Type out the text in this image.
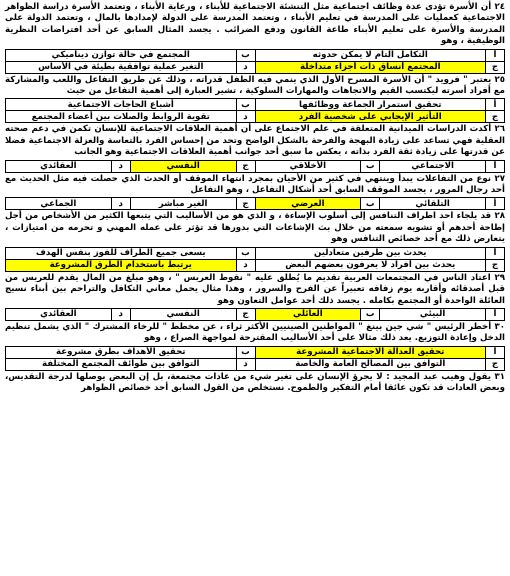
٢٤ أن الأسرة تؤدى عدة وظائف اجتماعية مثل التنشئة الاجتماعية للأبناء ، ورعاية الأبناء ، وتعتمد الأسرة دراسة الظواهر الاجتماعية كعمليات على المدرسة في تعليم الأبناء ، وتعتمد المدرسة على الدولة لإمدادها بالمال ، وتعتمد الدولة على المدرسة والأسرة على تعليم الأبناء طاعة القانون ودفع الضرائب . يجسد المثال السابق عن أحد افتراضات النظرية الوظيفية ، وهو

أ	التكامل التام لا يمكن حدوثه	ب	المجتمع في حالة توازن ديناميكي
ج	المجتمع أنساق ذات أجزاء متداخلة	د	التغير عملية توافقية بطيئة في الأساس

٢٥ يعتبر " فرويد " أن الأسرة المسرح الأول الذي ينمي فيه الطفل قدراته ، وذلك عن طريق التفاعل واللعب والمشاركة مع أفراد أسرته ليكتسب القيم والاتجاهات والمهارات السلوكية ، تشير العبارة إلى أهمية التفاعل من حيث

أ	تحقيق استمرار الجماعة ووظائفها	ب	أشباع الحاجات الاجتماعية
ج	التأثير الإيجابي على شخصية الفرد	د	تقوية الروابط والصلات بين أعضاء المجتمع

٢٦ أكدت الدراسات الميدانية المتعلقة في علم الاجتماع على أن أهمية العلاقات الاجتماعية للإنسان تكمن في دعم صحته العقلية فهي تساعد على زيادة البهجة والفرحة بالشكل الواضح وتحد من إحساس الفرد بالتعاسة والعزلة الاجتماعية فضلا عن قدرتها على زيادة ثقة الفرد بذاته ، يعكس ما سبق أحد جوانب أهمية العلاقات الاجتماعية وهو الجانب

أ	الاجتماعي	ب	الأخلاقي	ج	النفسي	د	العقائدي

٢٧ نوع من التفاعلات يبدأ وينتهي في كثير من الأحيان بمجرد انتهاء الموقف أو الحدث الذي حصلت فيه مثل الحديث مع أحد رجال المرور ، يجسد الموقف السابق أحد أشكال التفاعل ، وهو التفاعل

أ	التلقائي	ب	العرضي	ج	الغير مباشر	د	الجماعي

٢٨ قد يلجاء احد اطراف التنافس إلى أسلوب الإساءة ، و الذي هو من الأساليب التي يتبعها الكثير من الأشخاص من أجل إطاحة أحدهم أو تشويه سمعته من خلال بث الإشاعات التي بدورها قد تؤثر على عمله المهني و تحرمه من امتيازات ، يتعارض ذلك مع أحد خصائص التنافس وهو

أ	يحدث بين طرفين متعادلين	ب	يسعى جميع الطراف للفوز بنفس الهدف
ج	يحدث بين أفراد لا يعرفون بعضهم البعض	د	يرتبط باستخدام الطرق المشروعة

٢٩ اعتاد الناس في المجتمعات العربية تقديم ما يُطلق عليه " نقوط العريس " ، وهو مبلغ من المال يقدم للعريس من قبل أصدقائه وأقاربه يوم زفافه تعبيراً عن الفرح والسرور ، وهذا مثال يحمل معاني التكافل والتراحم بين أبناء نسيج العائلة الواحدة أو المجتمع بكامله . يجسد ذلك أحد عوامل التعاون وهو

أ	البيئي	ب	العائلي	ج	النفسي	د	العقائدي

٣٠ أخطر الرئيس " شي جين بينغ " المواطنين الصينيين الأكثر ثراء ، عن مخطط " للرخاء المشترك " الذي يشمل تنظيم الدخل وإعادة التوزيع. يعد ذلك مثالا على أحد الأساليب المقترحة لمواجهة الصراع ، وهو

أ	تحقيق العدالة الاجتماعية المشروعة	ب	تحقيق الأهداف بطرق مشروعة
ج	التوافق بين المصالح العامة والخاصة	د	التوافق بين طوائف المجتمع المختلفة

٣١ يقول وهيب عبد المجيد : لا يجرؤ الإنسان على تغير شيء من عادات مجتمعة، بل إن البعض يوصلها لدرجة التقديس، وبعض العادات قد تكون عائقا أمام التفكير والطموح. نستخلص من القول السابق أحد خصائص الظواهر
